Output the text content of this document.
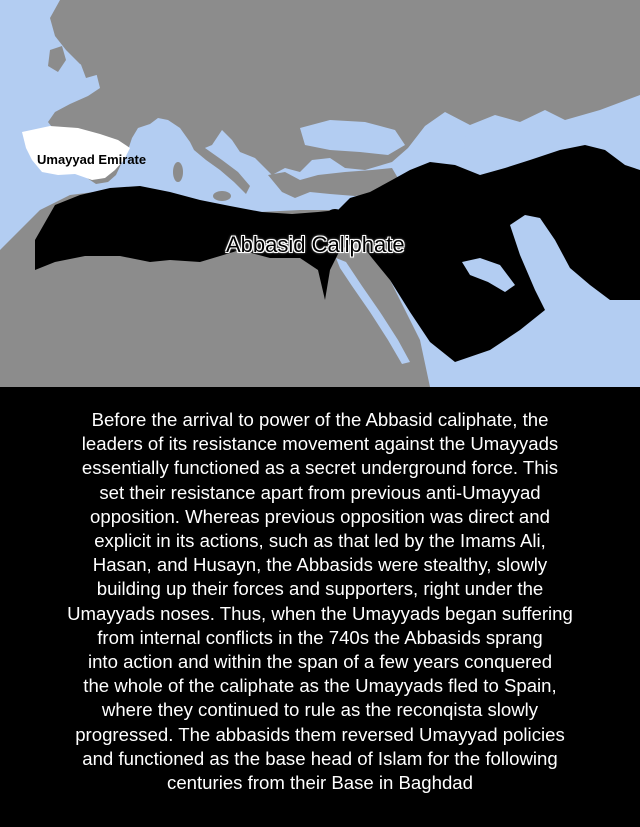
Umayyad Emirate
Baghdad
Abbasid Caliphate
Before the arrival to power of the Abbasid caliphate, the
leaders of its resistance movement against the Umayyads
essentially functioned as a secret underground force. This
set their resistance apart from previous anti-Umayyad
opposition. Whereas previous opposition was direct and
explicit in its actions, such as that led by the Imams Ali,
Hasan, and Husayn, the Abbasids were stealthy, slowly
building up their forces and supporters, right under the
Umayyads noses. Thus, when the Umayyads began suffering
from internal conflicts in the 740s the Abbasids sprang
into action and within the span of a few years conquered
the whole of the caliphate as the Umayyads fled to Spain,
where they continued to rule as the reconqista slowly
progressed. The abbasids them reversed Umayyad policies
and functioned as the base head of Islam for the following
centuries from their Base in Baghdad
